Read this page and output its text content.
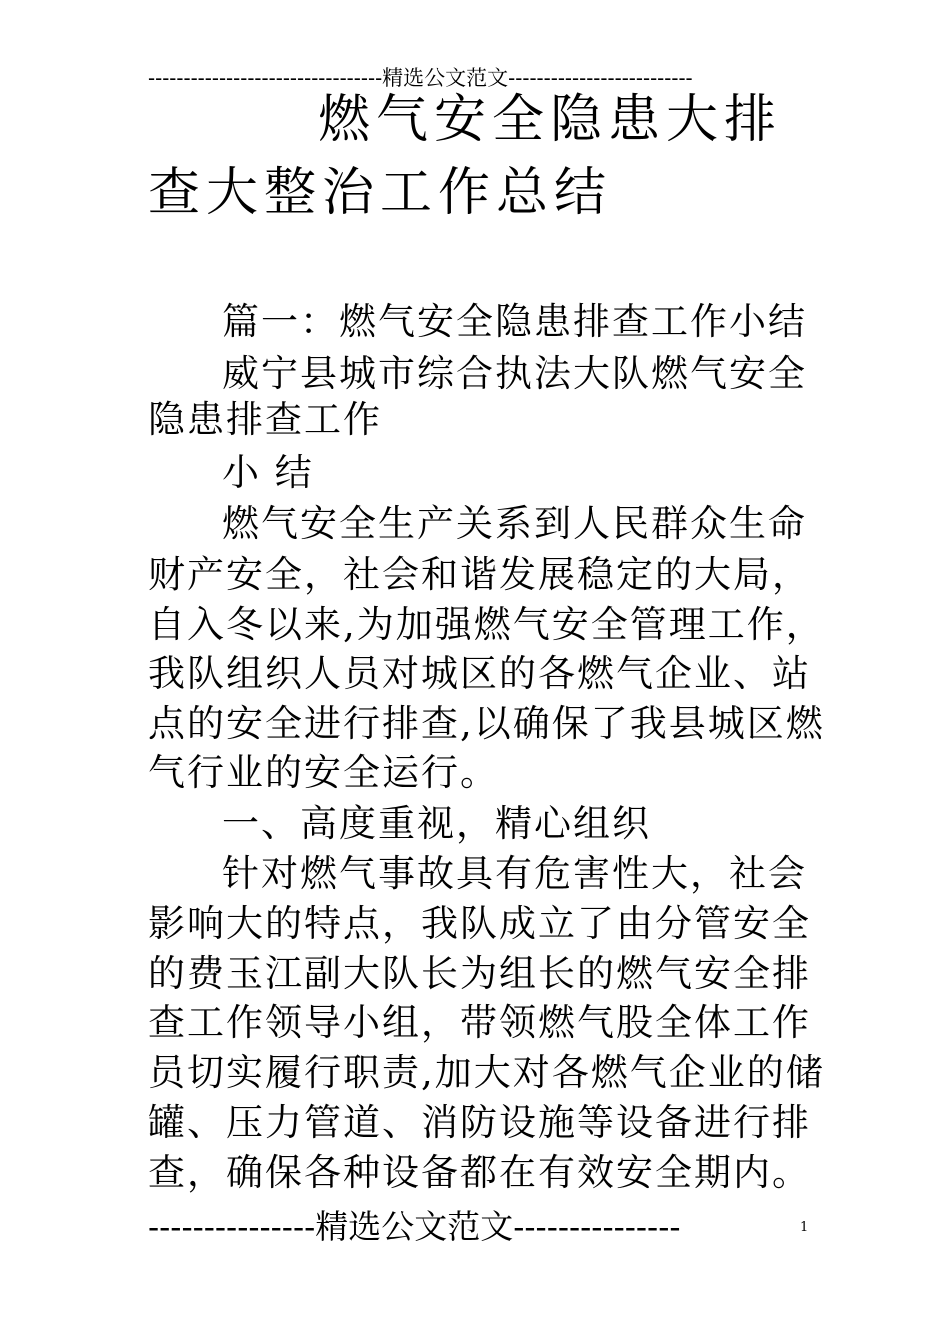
---------------------------------精选公文范文--------------------------
燃气安全隐患大排
查大整治工作总结
篇一：燃气安全隐患排查工作小结
威宁县城市综合执法大队燃气安全
隐患排查工作
小 结
燃气安全生产关系到人民群众生命
财产安全，社会和谐发展稳定的大局，
自入冬以来,为加强燃气安全管理工作，
我队组织人员对城区的各燃气企业、站
点的安全进行排查,以确保了我县城区燃
气行业的安全运行。
一、高度重视，精心组织
针对燃气事故具有危害性大，社会
影响大的特点，我队成立了由分管安全
的费玉江副大队长为组长的燃气安全排
查工作领导小组，带领燃气股全体工作
员切实履行职责,加大对各燃气企业的储
罐、压力管道、消防设施等设备进行排
查，确保各种设备都在有效安全期内。
---------------精选公文范文---------------	1
